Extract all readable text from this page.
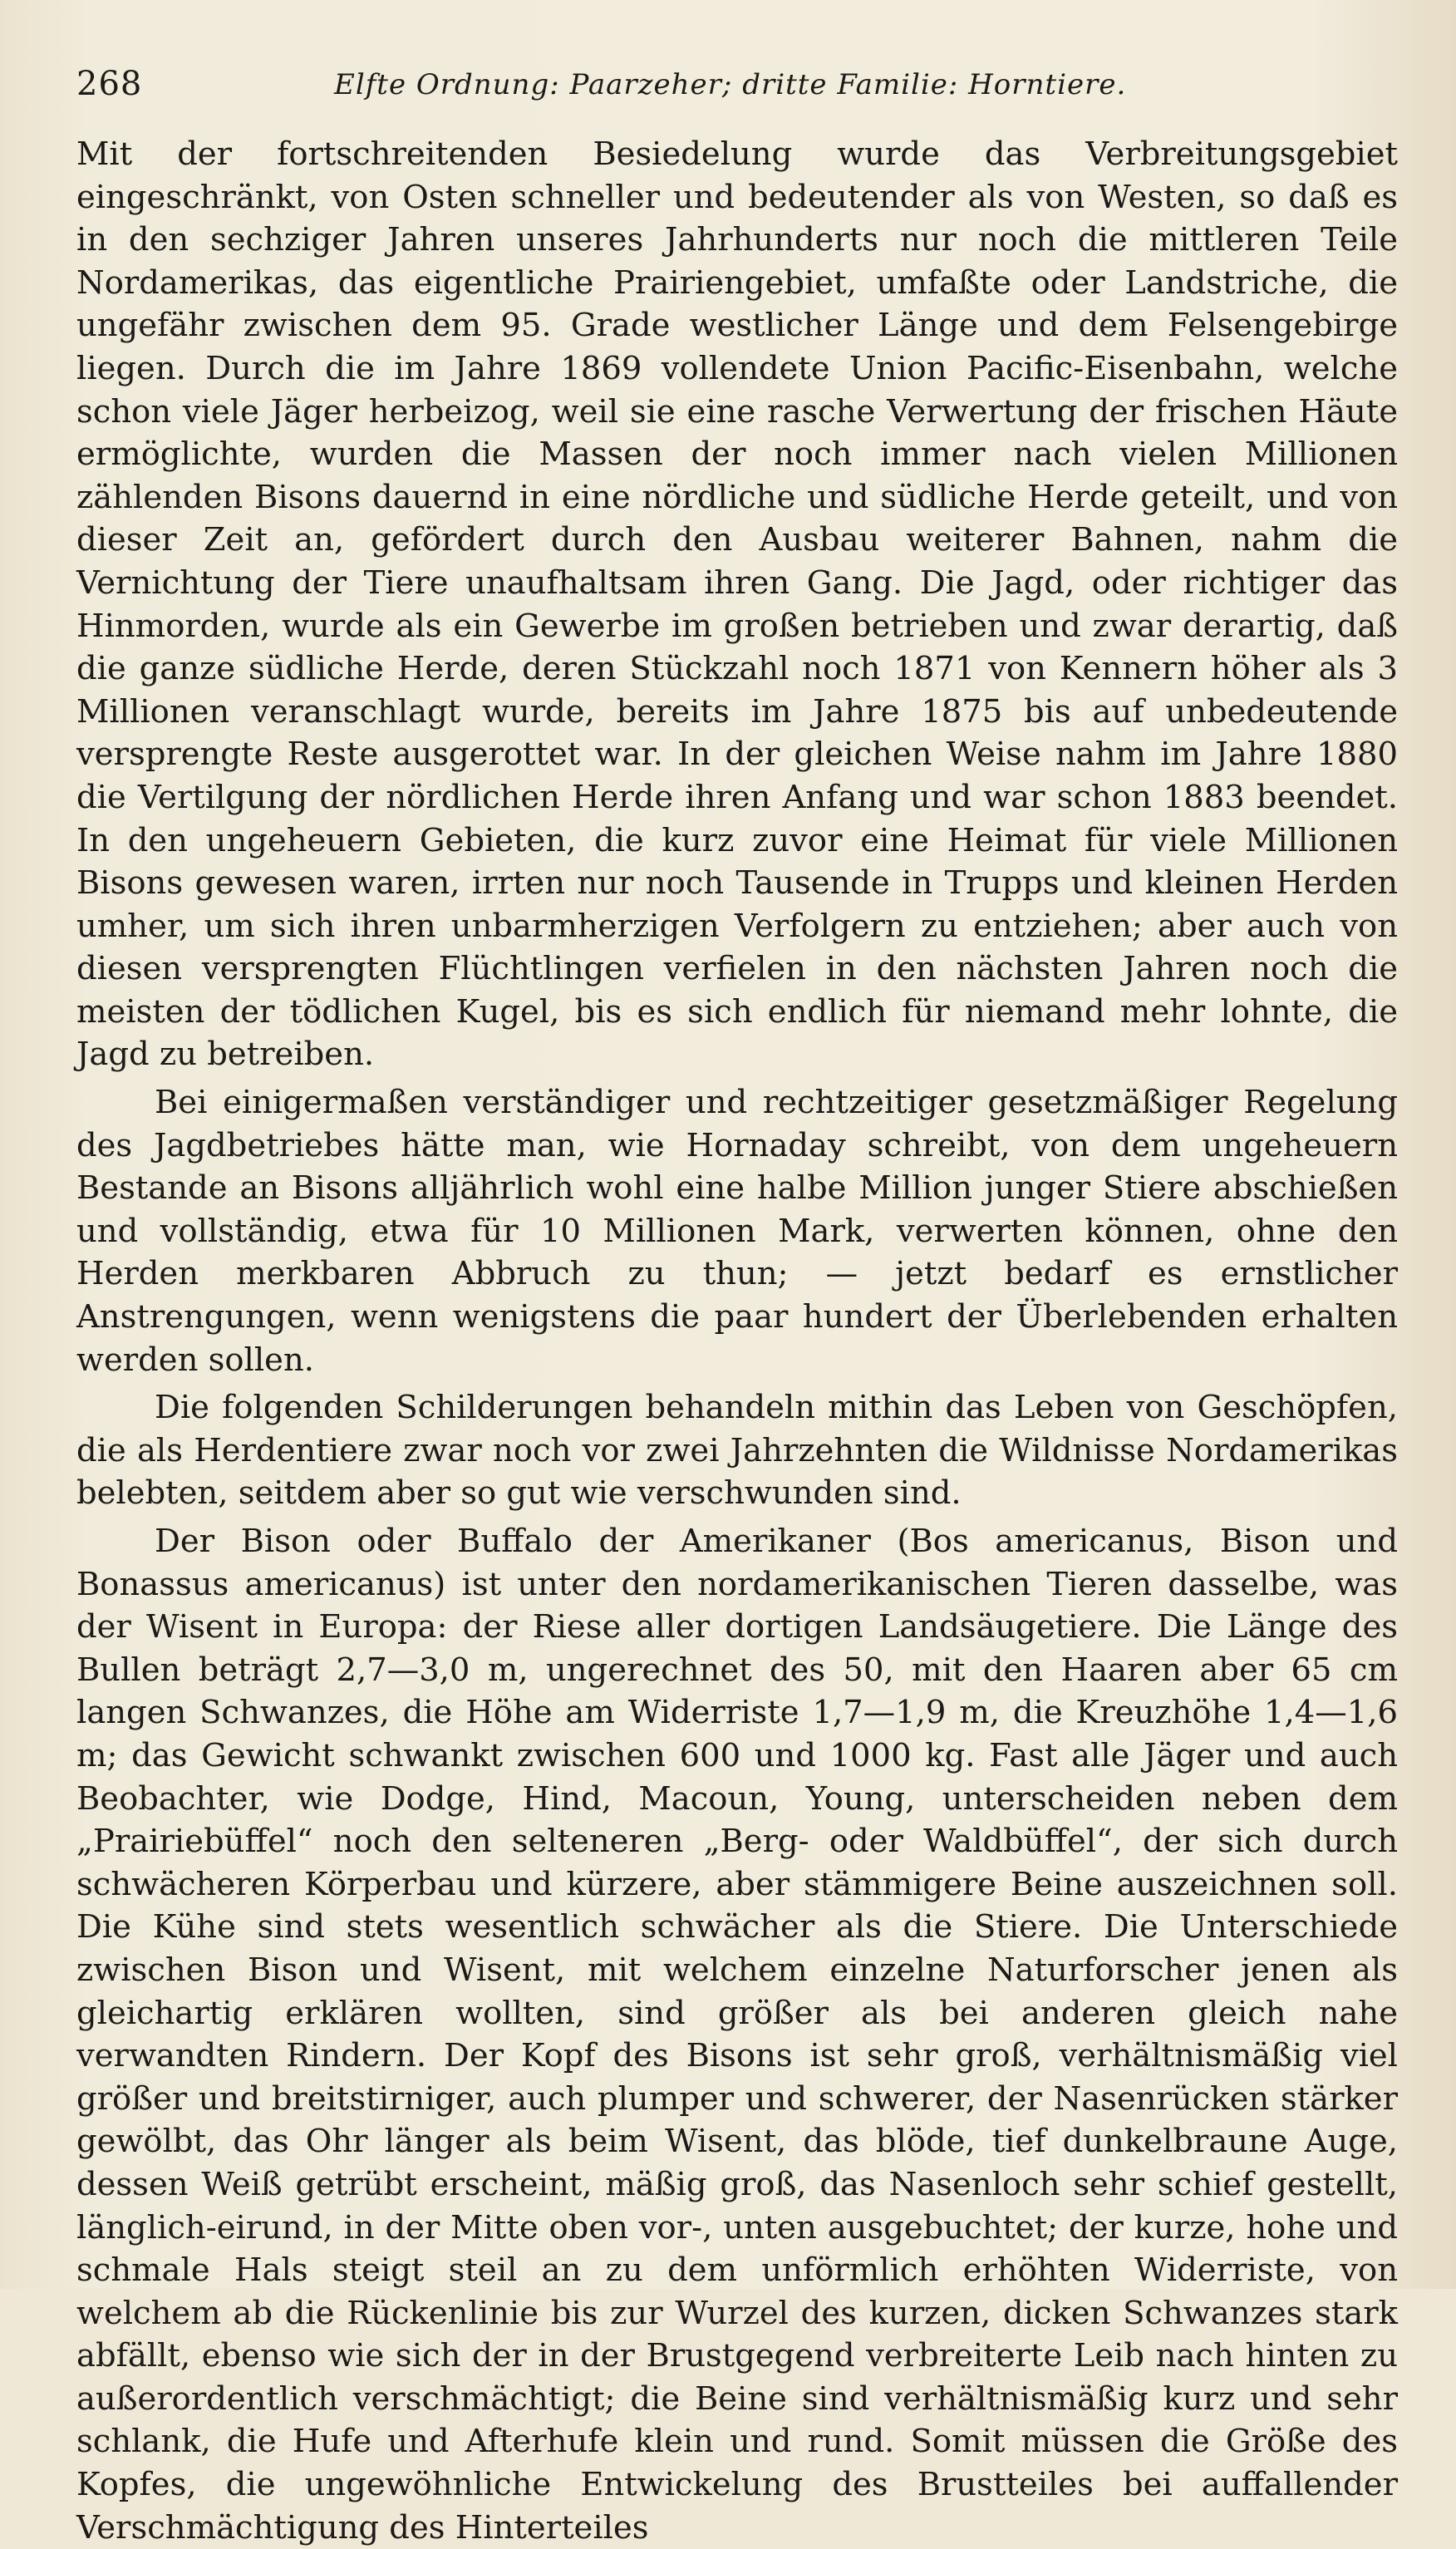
268	Elfte Ordnung: Paarzeher; dritte Familie: Horntiere.

Mit der fortschreitenden Besiedelung wurde das Verbreitungsgebiet eingeschränkt, von Osten schneller und bedeutender als von Westen, so daß es in den sechziger Jahren unseres Jahrhunderts nur noch die mittleren Teile Nordamerikas, das eigentliche Prairiengebiet, umfaßte oder Landstriche, die ungefähr zwischen dem 95. Grade westlicher Länge und dem Felsengebirge liegen. Durch die im Jahre 1869 vollendete Union Pacific-Eisenbahn, welche schon viele Jäger herbeizog, weil sie eine rasche Verwertung der frischen Häute ermöglichte, wurden die Massen der noch immer nach vielen Millionen zählenden Bisons dauernd in eine nördliche und südliche Herde geteilt, und von dieser Zeit an, gefördert durch den Ausbau weiterer Bahnen, nahm die Vernichtung der Tiere unaufhaltsam ihren Gang. Die Jagd, oder richtiger das Hinmorden, wurde als ein Gewerbe im großen betrieben und zwar derartig, daß die ganze südliche Herde, deren Stückzahl noch 1871 von Kennern höher als 3 Millionen veranschlagt wurde, bereits im Jahre 1875 bis auf unbedeutende versprengte Reste ausgerottet war. In der gleichen Weise nahm im Jahre 1880 die Vertilgung der nördlichen Herde ihren Anfang und war schon 1883 beendet. In den ungeheuern Gebieten, die kurz zuvor eine Heimat für viele Millionen Bisons gewesen waren, irrten nur noch Tausende in Trupps und kleinen Herden umher, um sich ihren unbarmherzigen Verfolgern zu entziehen; aber auch von diesen versprengten Flüchtlingen verfielen in den nächsten Jahren noch die meisten der tödlichen Kugel, bis es sich endlich für niemand mehr lohnte, die Jagd zu betreiben.

Bei einigermaßen verständiger und rechtzeitiger gesetzmäßiger Regelung des Jagdbetriebes hätte man, wie Hornaday schreibt, von dem ungeheuern Bestande an Bisons alljährlich wohl eine halbe Million junger Stiere abschießen und vollständig, etwa für 10 Millionen Mark, verwerten können, ohne den Herden merkbaren Abbruch zu thun; — jetzt bedarf es ernstlicher Anstrengungen, wenn wenigstens die paar hundert der Überlebenden erhalten werden sollen.

Die folgenden Schilderungen behandeln mithin das Leben von Geschöpfen, die als Herdentiere zwar noch vor zwei Jahrzehnten die Wildnisse Nordamerikas belebten, seitdem aber so gut wie verschwunden sind.

Der Bison oder Buffalo der Amerikaner (Bos americanus, Bison und Bonassus americanus) ist unter den nordamerikanischen Tieren dasselbe, was der Wisent in Europa: der Riese aller dortigen Landsäugetiere. Die Länge des Bullen beträgt 2,7—3,0 m, ungerechnet des 50, mit den Haaren aber 65 cm langen Schwanzes, die Höhe am Widerriste 1,7—1,9 m, die Kreuzhöhe 1,4—1,6 m; das Gewicht schwankt zwischen 600 und 1000 kg. Fast alle Jäger und auch Beobachter, wie Dodge, Hind, Macoun, Young, unterscheiden neben dem „Prairiebüffel“ noch den selteneren „Berg- oder Waldbüffel“, der sich durch schwächeren Körperbau und kürzere, aber stämmigere Beine auszeichnen soll. Die Kühe sind stets wesentlich schwächer als die Stiere. Die Unterschiede zwischen Bison und Wisent, mit welchem einzelne Naturforscher jenen als gleichartig erklären wollten, sind größer als bei anderen gleich nahe verwandten Rindern. Der Kopf des Bisons ist sehr groß, verhältnismäßig viel größer und breitstirniger, auch plumper und schwerer, der Nasenrücken stärker gewölbt, das Ohr länger als beim Wisent, das blöde, tief dunkelbraune Auge, dessen Weiß getrübt erscheint, mäßig groß, das Nasenloch sehr schief gestellt, länglich-eirund, in der Mitte oben vor-, unten ausgebuchtet; der kurze, hohe und schmale Hals steigt steil an zu dem unförmlich erhöhten Widerriste, von welchem ab die Rückenlinie bis zur Wurzel des kurzen, dicken Schwanzes stark abfällt, ebenso wie sich der in der Brustgegend verbreiterte Leib nach hinten zu außerordentlich verschmächtigt; die Beine sind verhältnismäßig kurz und sehr schlank, die Hufe und Afterhufe klein und rund. Somit müssen die Größe des Kopfes, die ungewöhnliche Entwickelung des Brustteiles bei auffallender Verschmächtigung des Hinterteiles
